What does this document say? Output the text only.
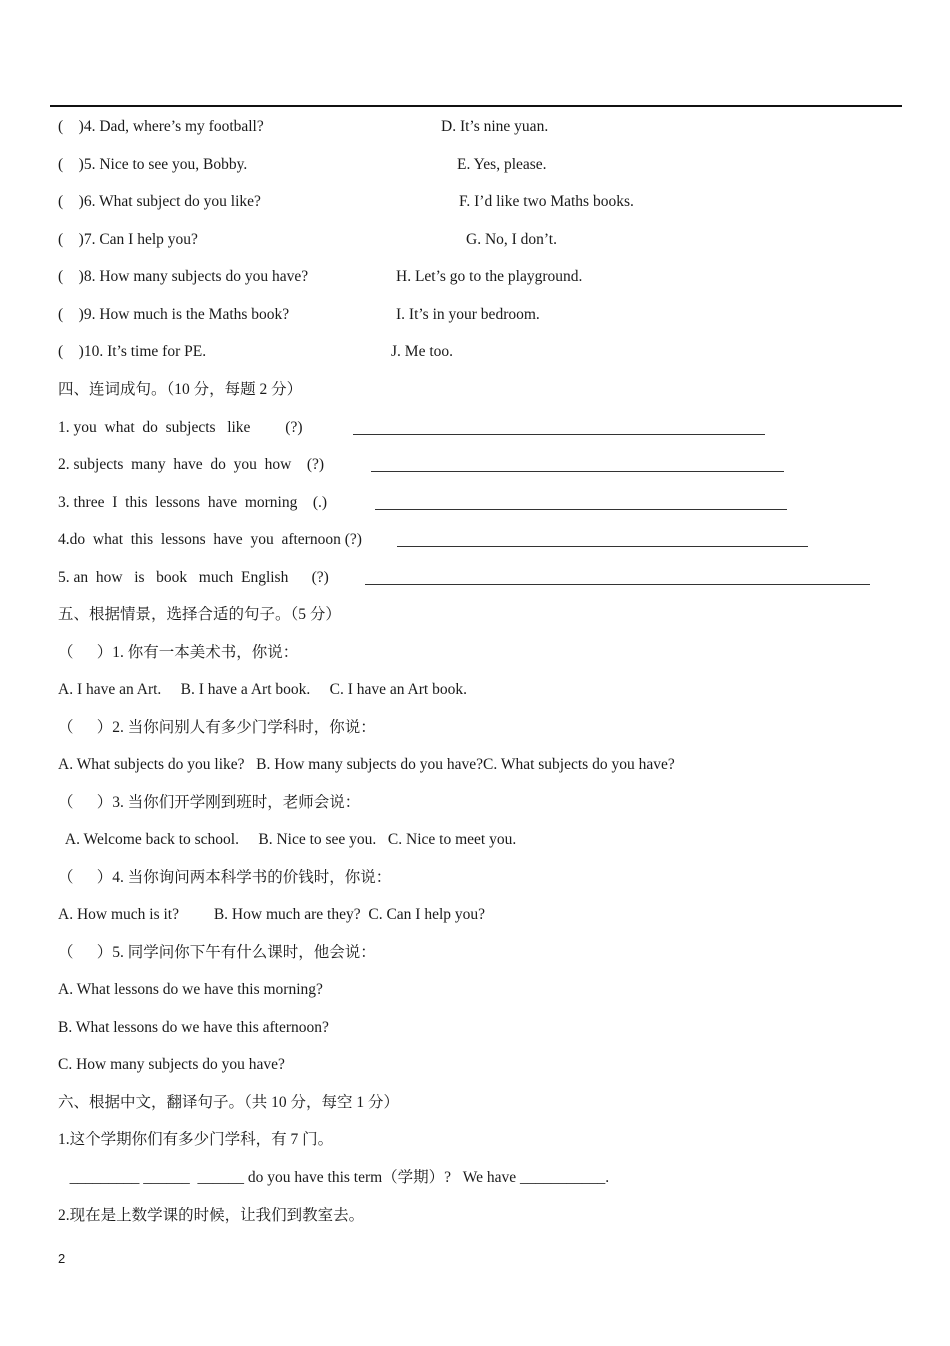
(    )4. Dad, where’s my football?	D. It’s nine yuan.
(    )5. Nice to see you, Bobby.	E. Yes, please.
(    )6. What subject do you like?	F. I’d like two Maths books.
(    )7. Can I help you?	G. No, I don’t.
(    )8. How many subjects do you have?	H. Let’s go to the playground.
(    )9. How much is the Maths book?	I. It’s in your bedroom.
(    )10. It’s time for PE.	J. Me too.
四、连词成句。（10 分，每题 2 分）
1. you  what  do  subjects   like         (?)
2. subjects  many  have  do  you  how    (?)
3. three  I  this  lessons  have  morning    (.)
4.do  what  this  lessons  have  you  afternoon (?)
5. an  how   is   book   much  English      (?)
五、根据情景，选择合适的句子。（5 分）
（      ）1. 你有一本美术书，你说：
A. I have an Art.     B. I have a Art book.     C. I have an Art book.
（      ）2. 当你问别人有多少门学科时，你说：
A. What subjects do you like?   B. How many subjects do you have?C. What subjects do you have?
（      ）3. 当你们开学刚到班时，老师会说：
A. Welcome back to school.     B. Nice to see you.   C. Nice to meet you.
（      ）4. 当你询问两本科学书的价钱时，你说：
A. How much is it?         B. How much are they?  C. Can I help you?
（      ）5. 同学问你下午有什么课时，他会说：
A. What lessons do we have this morning?
B. What lessons do we have this afternoon?
C. How many subjects do you have?
六、根据中文，翻译句子。（共 10 分，每空 1 分）
1.这个学期你们有多少门学科，有 7 门。
_________ ______  ______ do you have this term（学期）?   We have ___________.
2.现在是上数学课的时候，让我们到教室去。
2
